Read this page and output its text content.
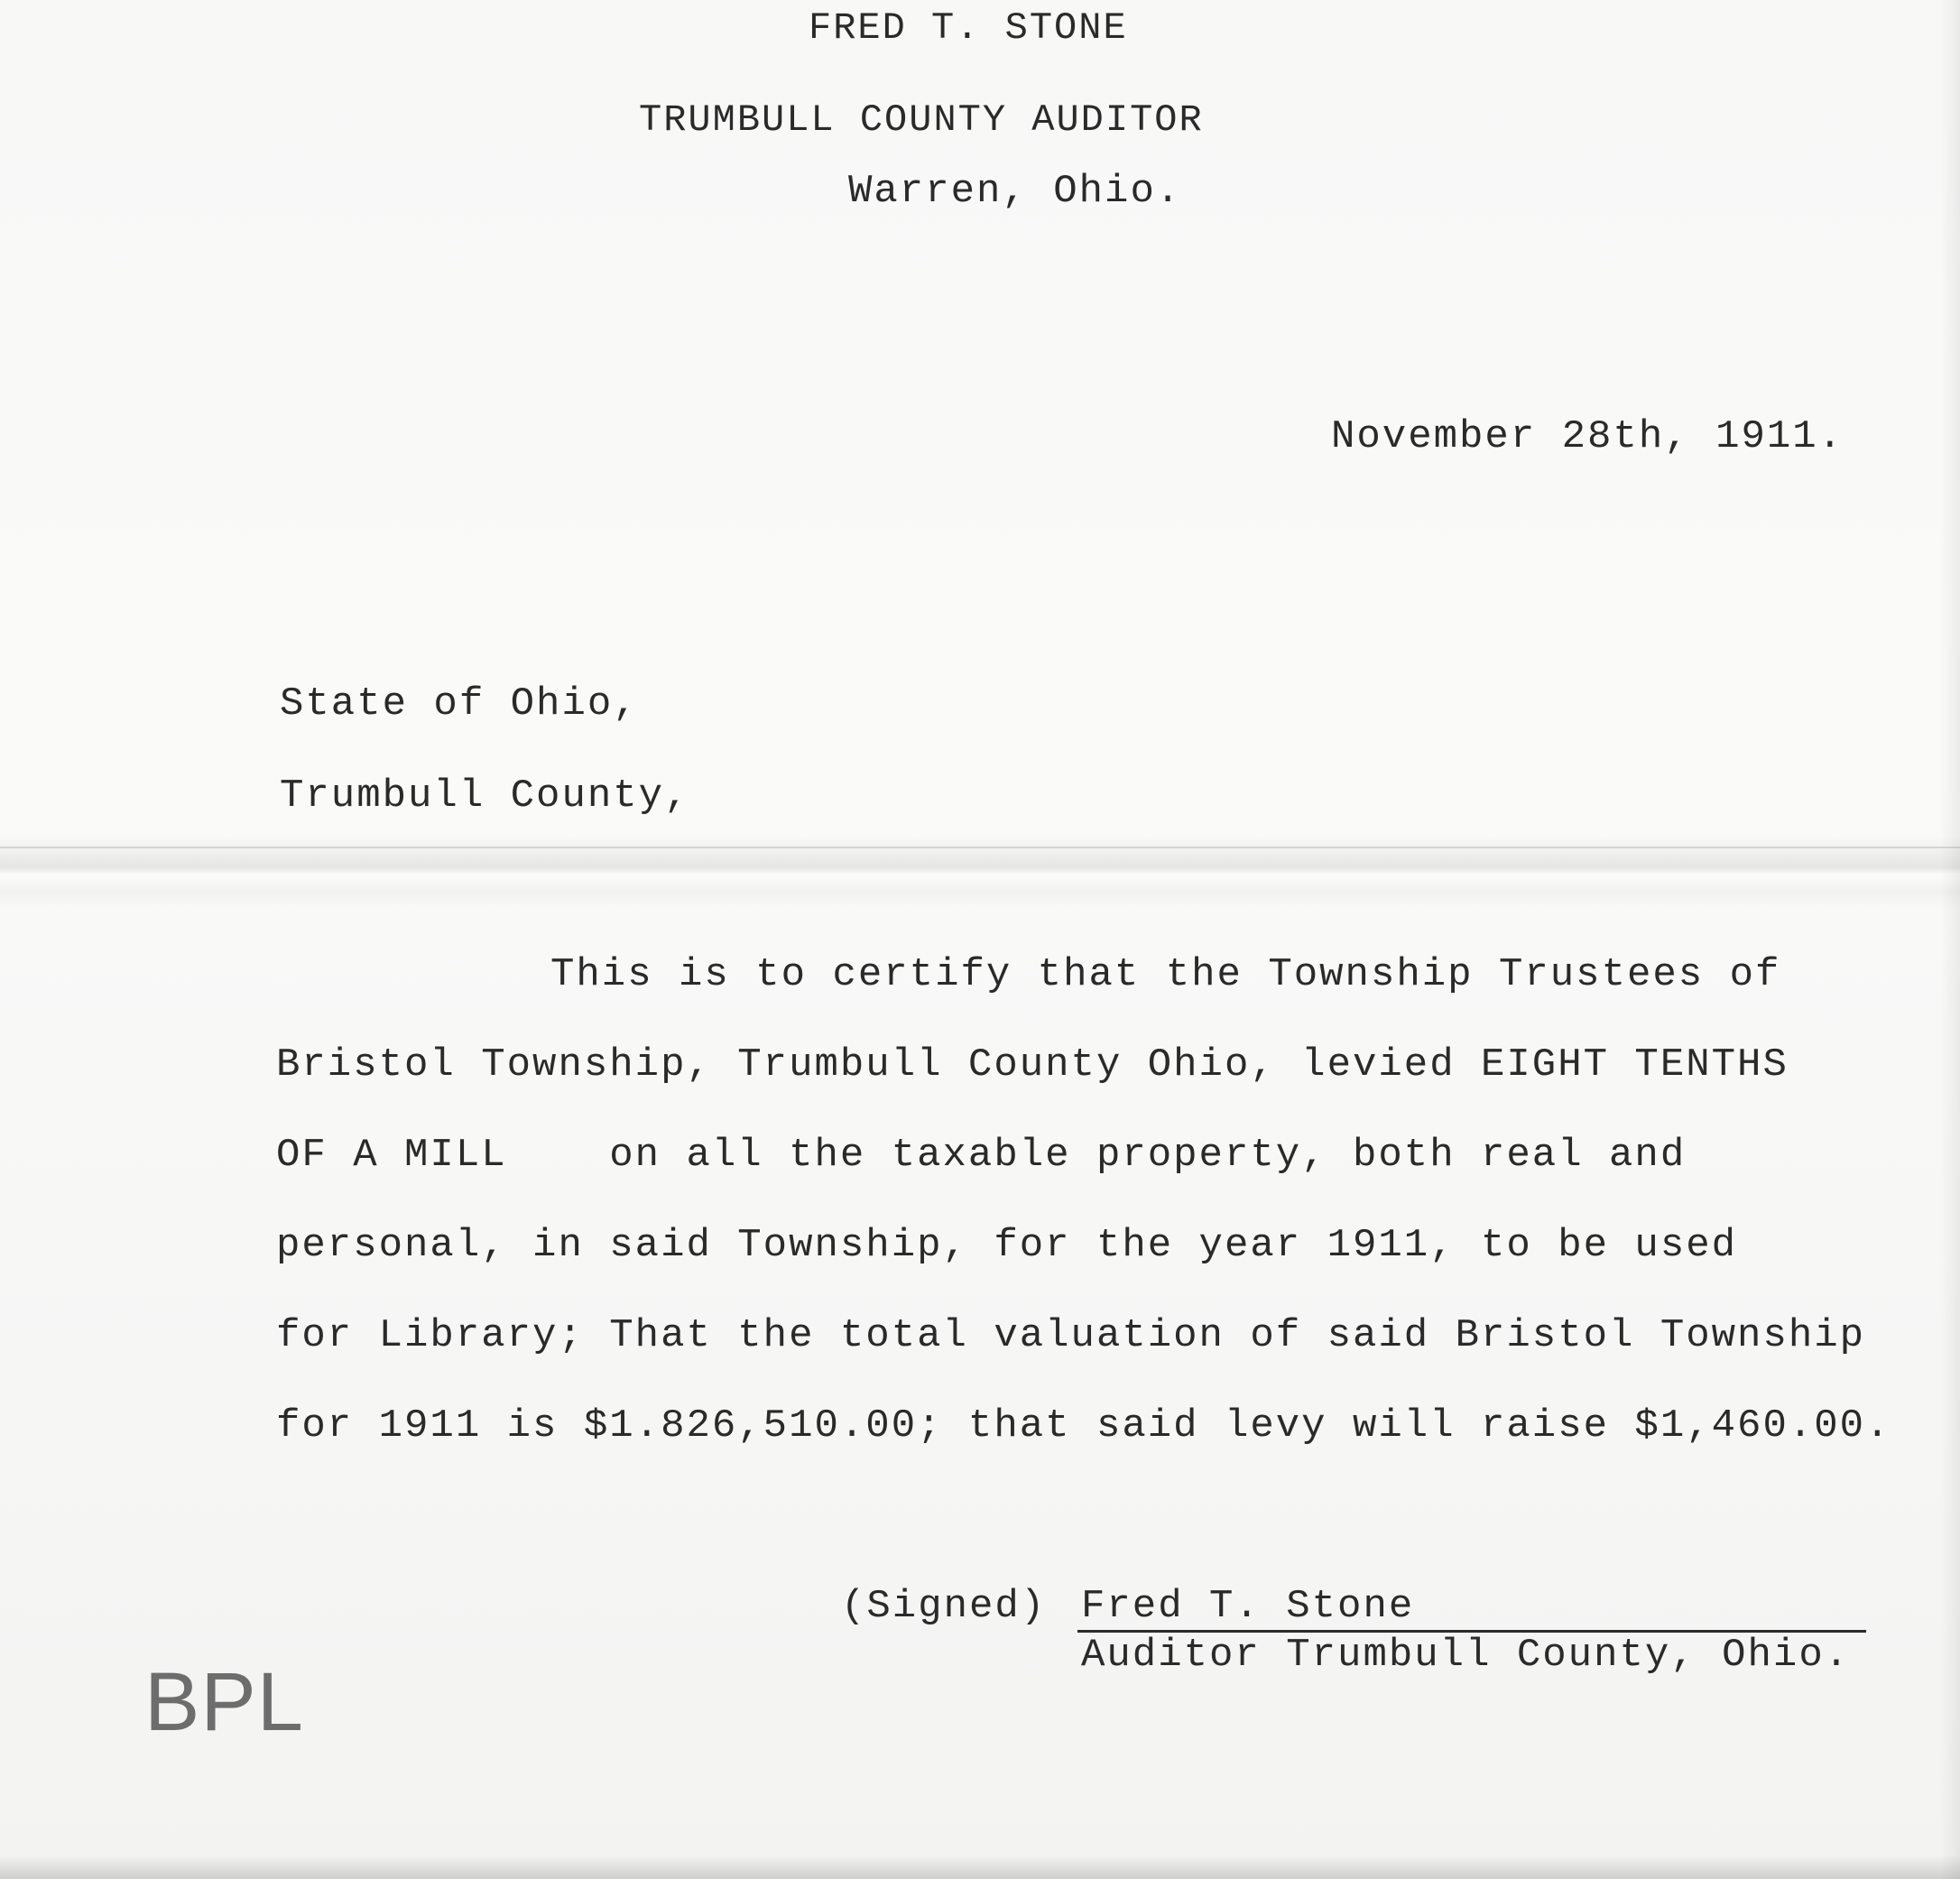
FRED T. STONE
TRUMBULL COUNTY AUDITOR
Warren, Ohio.
November 28th, 1911.
State of Ohio,
Trumbull County,
This is to certify that the Township Trustees of
Bristol Township, Trumbull County Ohio, levied EIGHT TENTHS
OF A MILL    on all the taxable property, both real and
personal, in said Township, for the year 1911, to be used
for Library; That the total valuation of said Bristol Township
for 1911 is $1.826,510.00; that said levy will raise $1,460.00.
(Signed) Fred T. Stone
Auditor Trumbull County, Ohio.
BPL
